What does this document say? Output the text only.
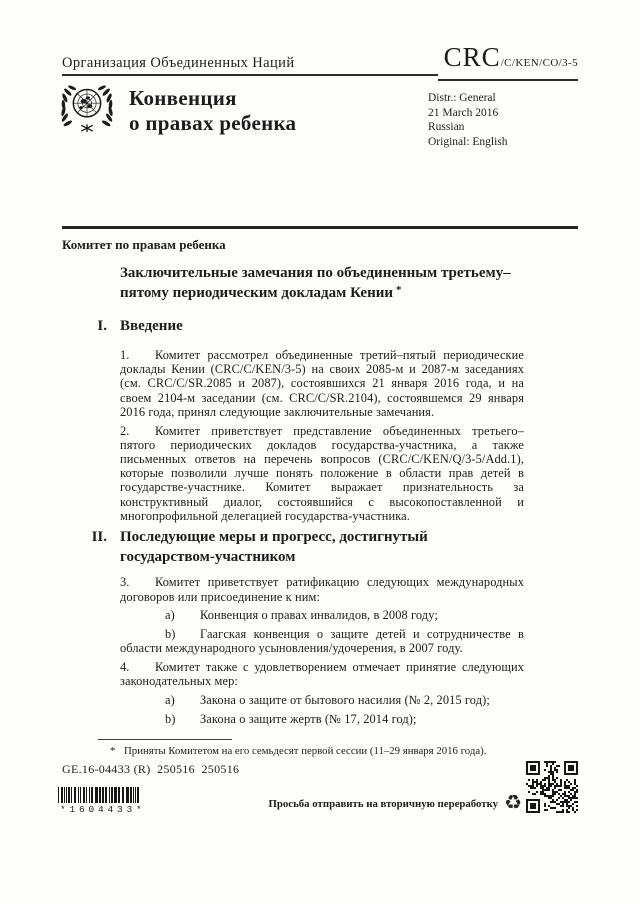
Организация Объединенных Наций	CRC/C/KEN/CO/3-5
Конвенция
о правах ребенка
Distr.: General
21 March 2016
Russian
Original: English
Комитет по правам ребенка
Заключительные замечания по объединенным третьему–пятому периодическим докладам Кении *
I. Введение

1. Комитет рассмотрел объединенные третий–пятый периодические доклады Кении (CRC/C/KEN/3-5) на своих 2085-м и 2087-м заседаниях (см. CRC/C/SR.2085 и 2087), состоявшихся 21 января 2016 года, и на своем 2104-м заседании (см. CRC/C/SR.2104), состоявшемся 29 января 2016 года, принял следующие заключительные замечания.

2. Комитет приветствует представление объединенных третьего–пятого периодических докладов государства-участника, а также письменных ответов на перечень вопросов (CRC/C/KEN/Q/3-5/Add.1), которые позволили лучше понять положение в области прав детей в государстве-участнике. Комитет выражает признательность за конструктивный диалог, состоявшийся с высокопоставленной и многопрофильной делегацией государства-участника.

II. Последующие меры и прогресс, достигнутый государством-участником

3. Комитет приветствует ратификацию следующих международных договоров или присоединение к ним:

a) Конвенция о правах инвалидов, в 2008 году;

b) Гаагская конвенция о защите детей и сотрудничестве в области международного усыновления/удочерения, в 2007 году.

4. Комитет также с удовлетворением отмечает принятие следующих законодательных мер:

a) Закона о защите от бытового насилия (№ 2, 2015 год);

b) Закона о защите жертв (№ 17, 2014 год);

* Приняты Комитетом на его семьдесят первой сессии (11–29 января 2016 года).
GE.16-04433 (R)  250516  250516
*1604433*	Просьба отправить на вторичную переработку ♻
